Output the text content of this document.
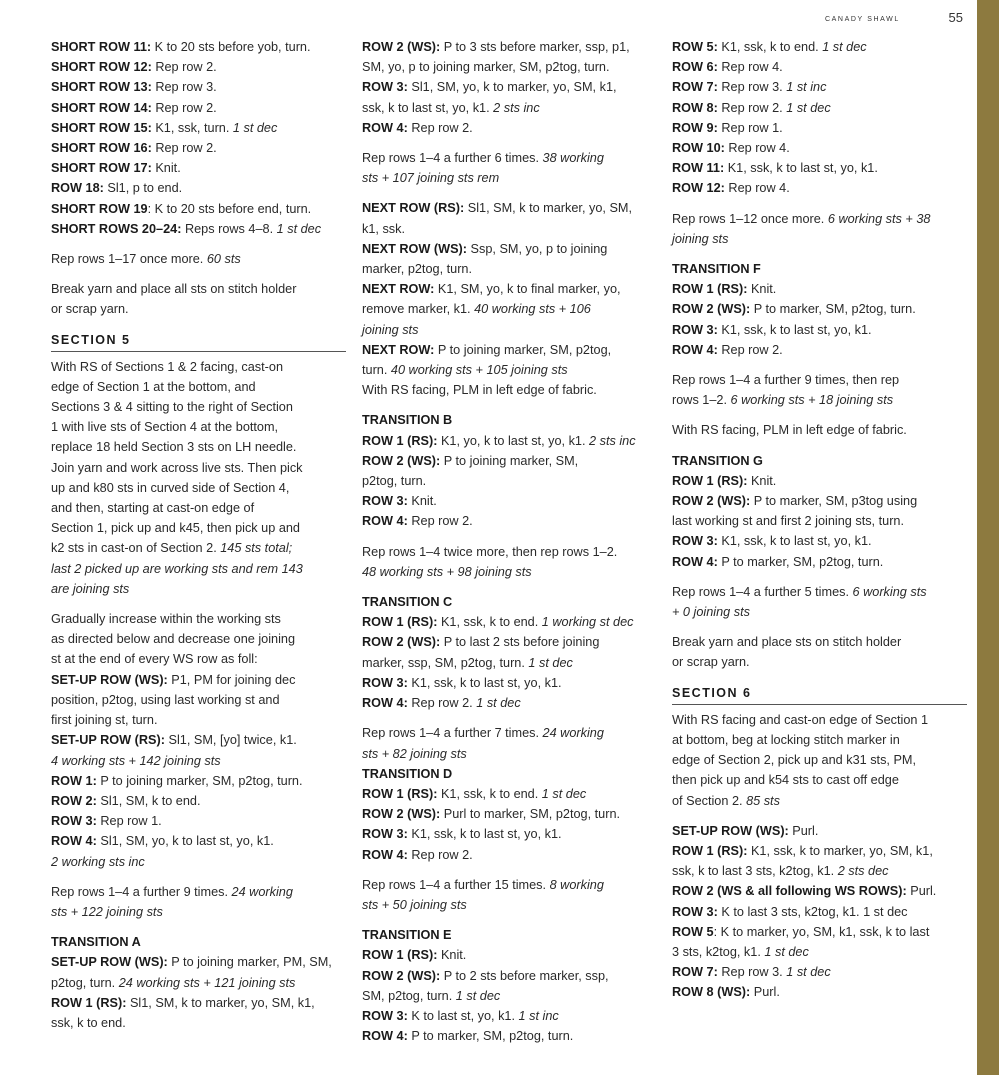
CANADY SHAWL	55
SHORT ROW 11: K to 20 sts before yob, turn.
SHORT ROW 12: Rep row 2.
SHORT ROW 13: Rep row 3.
SHORT ROW 14: Rep row 2.
SHORT ROW 15: K1, ssk, turn. 1 st dec
SHORT ROW 16: Rep row 2.
SHORT ROW 17: Knit.
ROW 18: Sl1, p to end.
SHORT ROW 19: K to 20 sts before end, turn.
SHORT ROWS 20–24: Reps rows 4–8. 1 st dec
Rep rows 1–17 once more. 60 sts
Break yarn and place all sts on stitch holder
or scrap yarn.
SECTION 5
With RS of Sections 1 & 2 facing, cast-on
edge of Section 1 at the bottom, and
Sections 3 & 4 sitting to the right of Section
1 with live sts of Section 4 at the bottom,
replace 18 held Section 3 sts on LH needle.
Join yarn and work across live sts. Then pick
up and k80 sts in curved side of Section 4,
and then, starting at cast-on edge of
Section 1, pick up and k45, then pick up and
k2 sts in cast-on of Section 2. 145 sts total;
last 2 picked up are working sts and rem 143
are joining sts
Gradually increase within the working sts
as directed below and decrease one joining
st at the end of every WS row as foll:
SET-UP ROW (WS): P1, PM for joining dec
position, p2tog, using last working st and
first joining st, turn.
SET-UP ROW (RS): Sl1, SM, [yo] twice, k1.
4 working sts + 142 joining sts
ROW 1: P to joining marker, SM, p2tog, turn.
ROW 2: Sl1, SM, k to end.
ROW 3: Rep row 1.
ROW 4: Sl1, SM, yo, k to last st, yo, k1.
2 working sts inc
Rep rows 1–4 a further 9 times. 24 working
sts + 122 joining sts
TRANSITION A
SET-UP ROW (WS): P to joining marker, PM, SM,
p2tog, turn. 24 working sts + 121 joining sts
ROW 1 (RS): Sl1, SM, k to marker, yo, SM, k1,
ssk, k to end.
ROW 2 (WS): P to 3 sts before marker, ssp, p1,
SM, yo, p to joining marker, SM, p2tog, turn.
ROW 3: Sl1, SM, yo, k to marker, yo, SM, k1,
ssk, k to last st, yo, k1. 2 sts inc
ROW 4: Rep row 2.
Rep rows 1–4 a further 6 times. 38 working
sts + 107 joining sts rem
NEXT ROW (RS): Sl1, SM, k to marker, yo, SM,
k1, ssk.
NEXT ROW (WS): Ssp, SM, yo, p to joining
marker, p2tog, turn.
NEXT ROW: K1, SM, yo, k to final marker, yo,
remove marker, k1. 40 working sts + 106
joining sts
NEXT ROW: P to joining marker, SM, p2tog,
turn. 40 working sts + 105 joining sts
With RS facing, PLM in left edge of fabric.
TRANSITION B
ROW 1 (RS): K1, yo, k to last st, yo, k1. 2 sts inc
ROW 2 (WS): P to joining marker, SM,
p2tog, turn.
ROW 3: Knit.
ROW 4: Rep row 2.
Rep rows 1–4 twice more, then rep rows 1–2.
48 working sts + 98 joining sts
TRANSITION C
ROW 1 (RS): K1, ssk, k to end. 1 working st dec
ROW 2 (WS): P to last 2 sts before joining
marker, ssp, SM, p2tog, turn. 1 st dec
ROW 3: K1, ssk, k to last st, yo, k1.
ROW 4: Rep row 2. 1 st dec
Rep rows 1–4 a further 7 times. 24 working
sts + 82 joining sts
TRANSITION D
ROW 1 (RS): K1, ssk, k to end. 1 st dec
ROW 2 (WS): Purl to marker, SM, p2tog, turn.
ROW 3: K1, ssk, k to last st, yo, k1.
ROW 4: Rep row 2.
Rep rows 1–4 a further 15 times. 8 working
sts + 50 joining sts
TRANSITION E
ROW 1 (RS): Knit.
ROW 2 (WS): P to 2 sts before marker, ssp,
SM, p2tog, turn. 1 st dec
ROW 3: K to last st, yo, k1. 1 st inc
ROW 4: P to marker, SM, p2tog, turn.
ROW 5: K1, ssk, k to end. 1 st dec
ROW 6: Rep row 4.
ROW 7: Rep row 3. 1 st inc
ROW 8: Rep row 2. 1 st dec
ROW 9: Rep row 1.
ROW 10: Rep row 4.
ROW 11: K1, ssk, k to last st, yo, k1.
ROW 12: Rep row 4.
Rep rows 1–12 once more. 6 working sts + 38
joining sts
TRANSITION F
ROW 1 (RS): Knit.
ROW 2 (WS): P to marker, SM, p2tog, turn.
ROW 3: K1, ssk, k to last st, yo, k1.
ROW 4: Rep row 2.
Rep rows 1–4 a further 9 times, then rep
rows 1–2. 6 working sts + 18 joining sts
With RS facing, PLM in left edge of fabric.
TRANSITION G
ROW 1 (RS): Knit.
ROW 2 (WS): P to marker, SM, p3tog using
last working st and first 2 joining sts, turn.
ROW 3: K1, ssk, k to last st, yo, k1.
ROW 4: P to marker, SM, p2tog, turn.
Rep rows 1–4 a further 5 times. 6 working sts
+ 0 joining sts
Break yarn and place sts on stitch holder
or scrap yarn.
SECTION 6
With RS facing and cast-on edge of Section 1
at bottom, beg at locking stitch marker in
edge of Section 2, pick up and k31 sts, PM,
then pick up and k54 sts to cast off edge
of Section 2. 85 sts
SET-UP ROW (WS): Purl.
ROW 1 (RS): K1, ssk, k to marker, yo, SM, k1,
ssk, k to last 3 sts, k2tog, k1. 2 sts dec
ROW 2 (WS & all following WS ROWS): Purl.
ROW 3: K to last 3 sts, k2tog, k1. 1 st dec
ROW 5: K to marker, yo, SM, k1, ssk, k to last
3 sts, k2tog, k1. 1 st dec
ROW 7: Rep row 3. 1 st dec
ROW 8 (WS): Purl.
